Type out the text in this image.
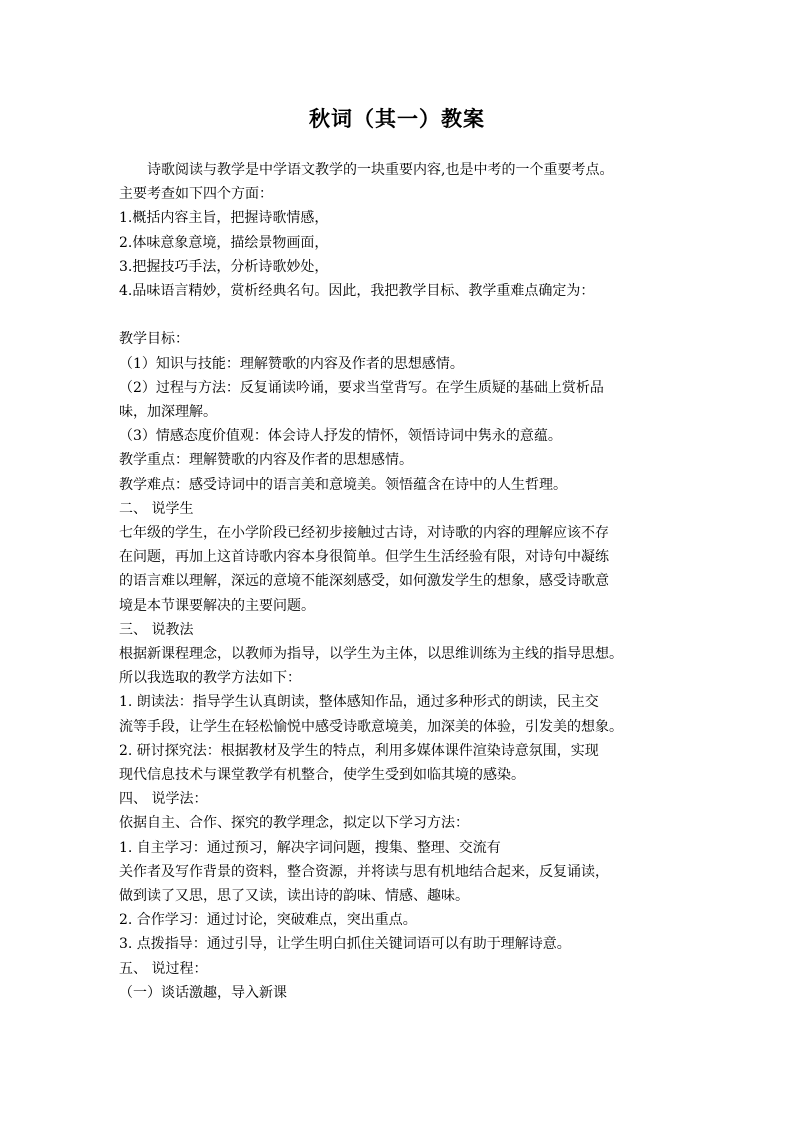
秋词（其一）教案

诗歌阅读与教学是中学语文教学的一块重要内容,也是中考的一个重要考点。

主要考查如下四个方面：

1.概括内容主旨，把握诗歌情感，

2.体味意象意境，描绘景物画面，

3.把握技巧手法，分析诗歌妙处，

4.品味语言精妙，赏析经典名句。因此，我把教学目标、教学重难点确定为：

教学目标：

（1）知识与技能：理解赞歌的内容及作者的思想感情。

（2）过程与方法：反复诵读吟诵，要求当堂背写。在学生质疑的基础上赏析品

味，加深理解。

（3）情感态度价值观：体会诗人抒发的情怀，领悟诗词中隽永的意蕴。

教学重点：理解赞歌的内容及作者的思想感情。

教学难点：感受诗词中的语言美和意境美。领悟蕴含在诗中的人生哲理。

二、 说学生

七年级的学生，在小学阶段已经初步接触过古诗，对诗歌的内容的理解应该不存

在问题，再加上这首诗歌内容本身很简单。但学生生活经验有限，对诗句中凝练

的语言难以理解，深远的意境不能深刻感受，如何激发学生的想象，感受诗歌意

境是本节课要解决的主要问题。

三、 说教法

根据新课程理念，以教师为指导，以学生为主体，以思维训练为主线的指导思想。

所以我选取的教学方法如下：

1. 朗读法：指导学生认真朗读，整体感知作品，通过多种形式的朗读，民主交

流等手段，让学生在轻松愉悦中感受诗歌意境美，加深美的体验，引发美的想象。

2. 研讨探究法：根据教材及学生的特点，利用多媒体课件渲染诗意氛围，实现

现代信息技术与课堂教学有机整合，使学生受到如临其境的感染。

四、 说学法：

依据自主、合作、探究的教学理念，拟定以下学习方法：

1. 自主学习：通过预习，解决字词问题，搜集、整理、交流有

关作者及写作背景的资料，整合资源，并将读与思有机地结合起来，反复诵读，

做到读了又思，思了又读，读出诗的韵味、情感、趣味。

2. 合作学习：通过讨论，突破难点，突出重点。

3. 点拨指导：通过引导，让学生明白抓住关键词语可以有助于理解诗意。

五、 说过程：

（一）谈话激趣，导入新课
